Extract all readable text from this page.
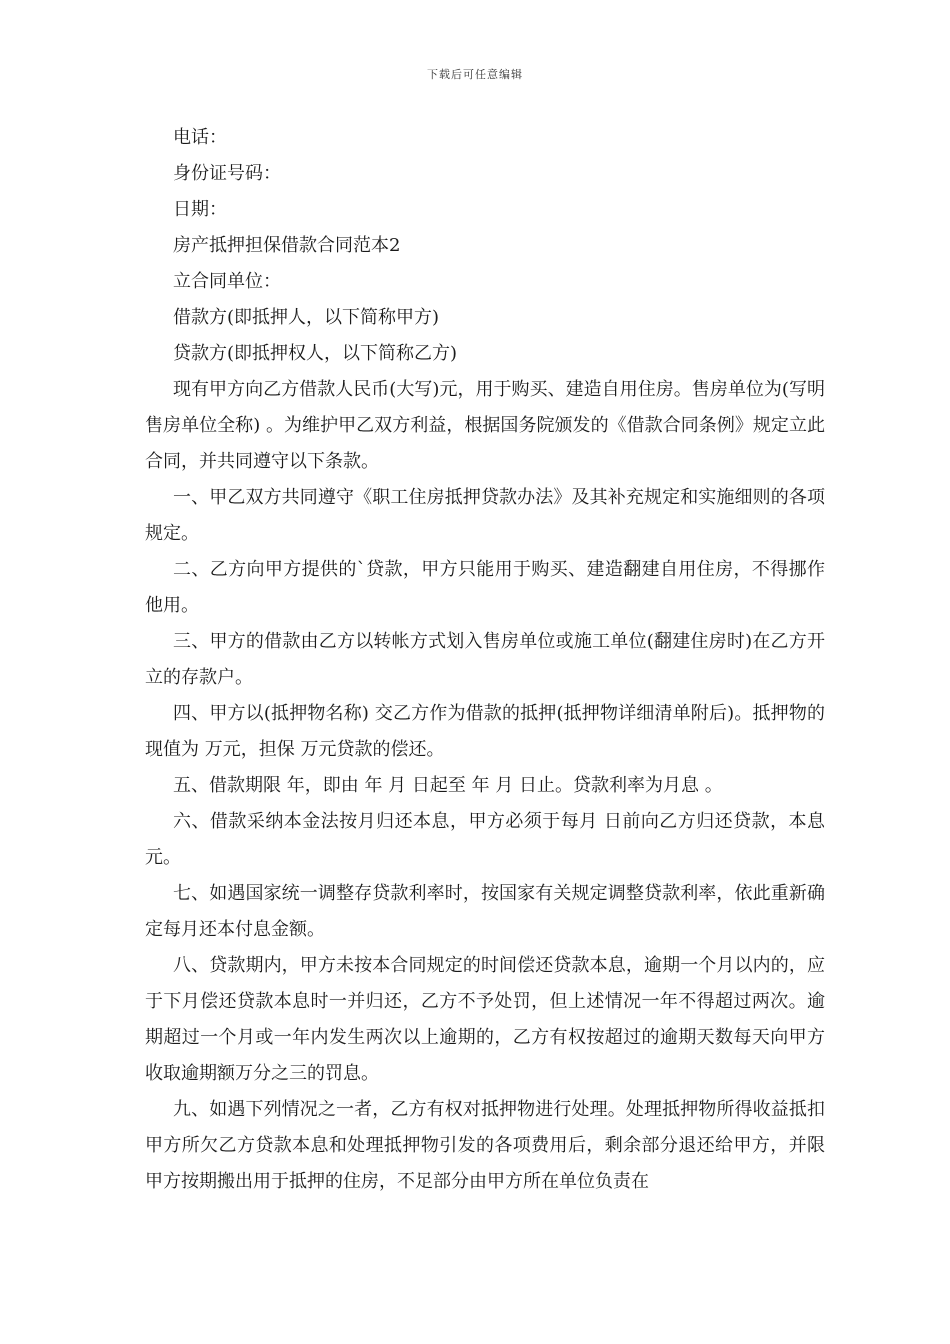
下载后可任意编辑
电话：
身份证号码：
日期：
房产抵押担保借款合同范本2
立合同单位：
借款方(即抵押人，以下简称甲方)
贷款方(即抵押权人，以下简称乙方)

现有甲方向乙方借款人民币(大写)元，用于购买、建造自用住房。售房单位为(写明售房单位全称) 。为维护甲乙双方利益，根据国务院颁发的《借款合同条例》规定立此合同，并共同遵守以下条款。

一、甲乙双方共同遵守《职工住房抵押贷款办法》及其补充规定和实施细则的各项规定。

二、乙方向甲方提供的`贷款，甲方只能用于购买、建造翻建自用住房，不得挪作他用。

三、甲方的借款由乙方以转帐方式划入售房单位或施工单位(翻建住房时)在乙方开立的存款户。

四、甲方以(抵押物名称) 交乙方作为借款的抵押(抵押物详细清单附后)。抵押物的现值为 万元，担保 万元贷款的偿还。

五、借款期限 年，即由 年 月 日起至 年 月 日止。贷款利率为月息 。

六、借款采纳本金法按月归还本息，甲方必须于每月 日前向乙方归还贷款，本息 元。

七、如遇国家统一调整存贷款利率时，按国家有关规定调整贷款利率，依此重新确定每月还本付息金额。

八、贷款期内，甲方未按本合同规定的时间偿还贷款本息，逾期一个月以内的，应于下月偿还贷款本息时一并归还，乙方不予处罚，但上述情况一年不得超过两次。逾期超过一个月或一年内发生两次以上逾期的，乙方有权按超过的逾期天数每天向甲方收取逾期额万分之三的罚息。

九、如遇下列情况之一者，乙方有权对抵押物进行处理。处理抵押物所得收益抵扣甲方所欠乙方贷款本息和处理抵押物引发的各项费用后，剩余部分退还给甲方，并限甲方按期搬出用于抵押的住房，不足部分由甲方所在单位负责在
